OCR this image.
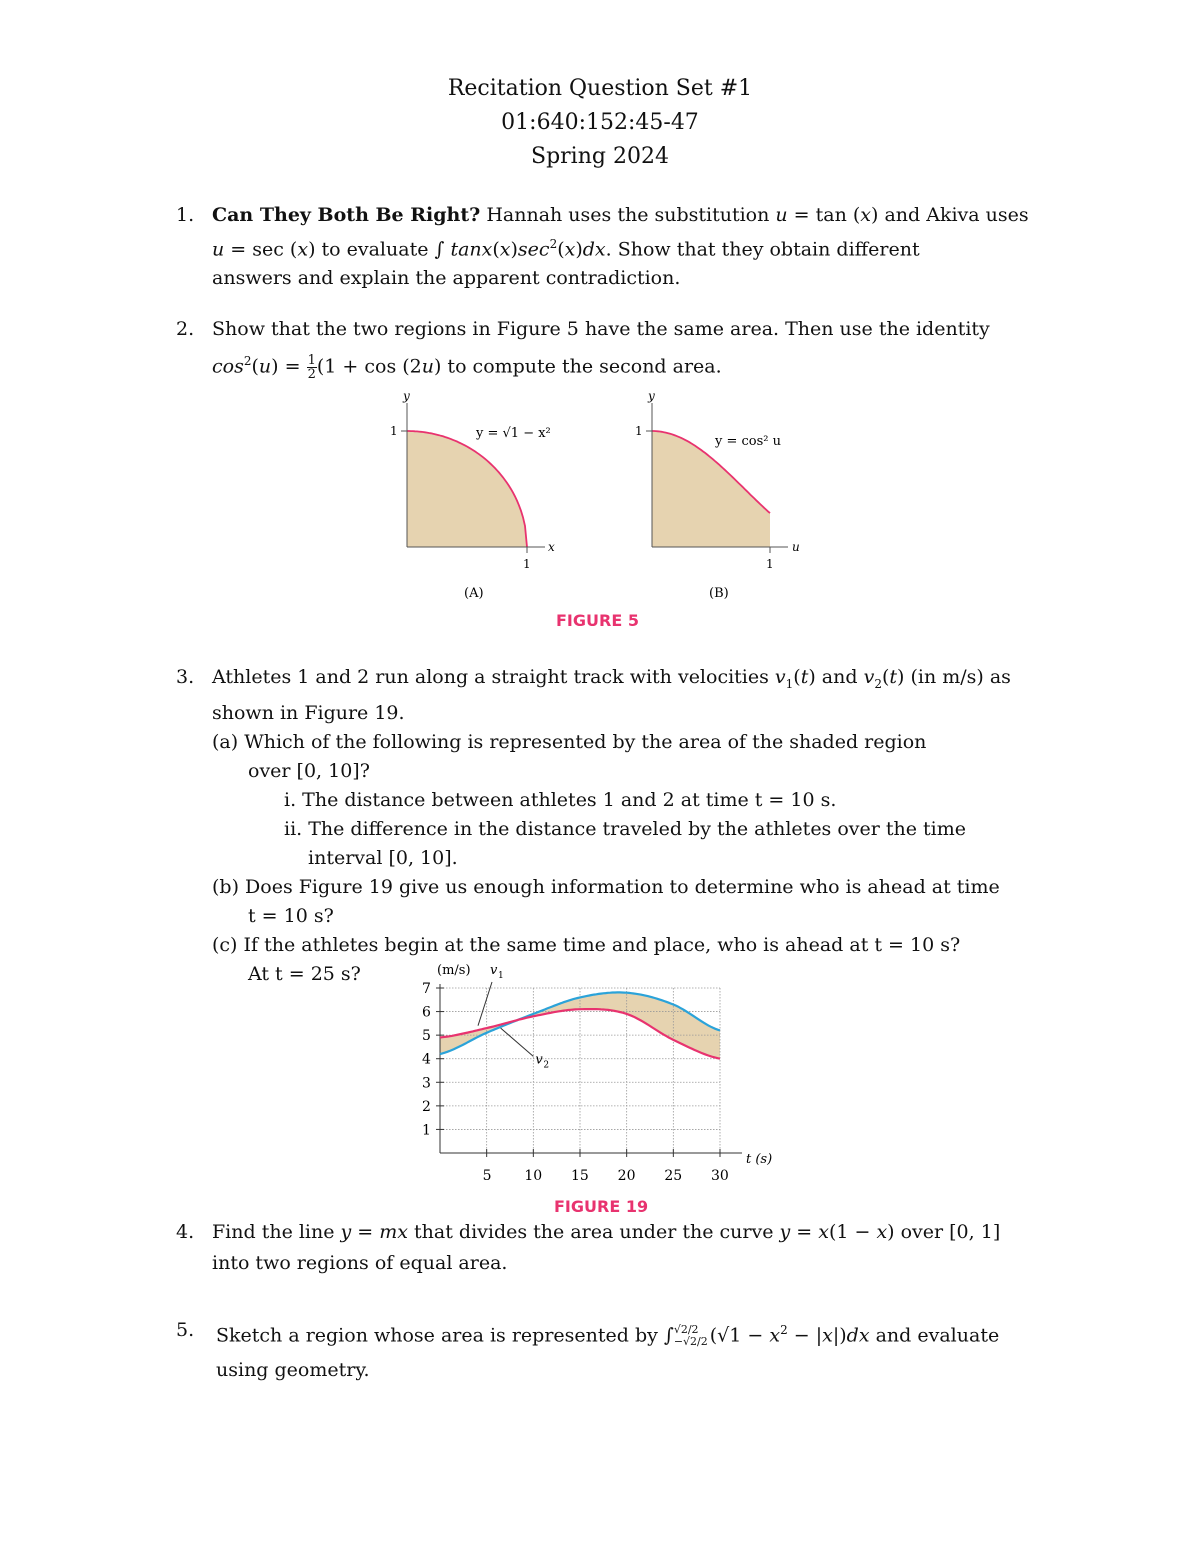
Recitation Question Set #1
01:640:152:45-47
Spring 2024
1. Can They Both Be Right? Hannah uses the substitution u = tan (x) and Akiva uses
u = sec (x) to evaluate ∫ $\tan x(x)\sec^2(x)dx$. Show that they obtain different
answers and explain the apparent contradiction.
2. Show that the two regions in Figure 5 have the same area. Then use the identity
$\cos^2(u) = \frac{1}{2} (1 + \cos (2u)$ to compute the second area.
y
1
1
x
y = √1 − x²
(A)
y
1
1
u
y = cos² u
(B)
FIGURE 5
3. Athletes 1 and 2 run along a straight track with velocities $v_1(t)$ and $v_2(t)$ (in m/s) as
shown in Figure 19.
(a) Which of the following is represented by the area of the shaded region
over [0, 10]?
i. The distance between athletes 1 and 2 at time t = 10 s.
ii. The difference in the distance traveled by the athletes over the time
interval [0, 10].
(b) Does Figure 19 give us enough information to determine who is ahead at time
t = 10 s?
(c) If the athletes begin at the same time and place, who is ahead at t = 10 s?
At t = 25 s?
1
2
3
4
5
6
7
5 10 15 20 25 30
t (s)
(m/s) v 1
v 2
FIGURE 19
4. Find the line y = mx that divides the area under the curve y = x(1 − x) over [0, 1]
into two regions of equal area.
5. Sketch a region whose area is represented by ∫ √2/2
−√2/2 $(√1 - x^2 - |x|)dx$ and evaluate
using geometry.
